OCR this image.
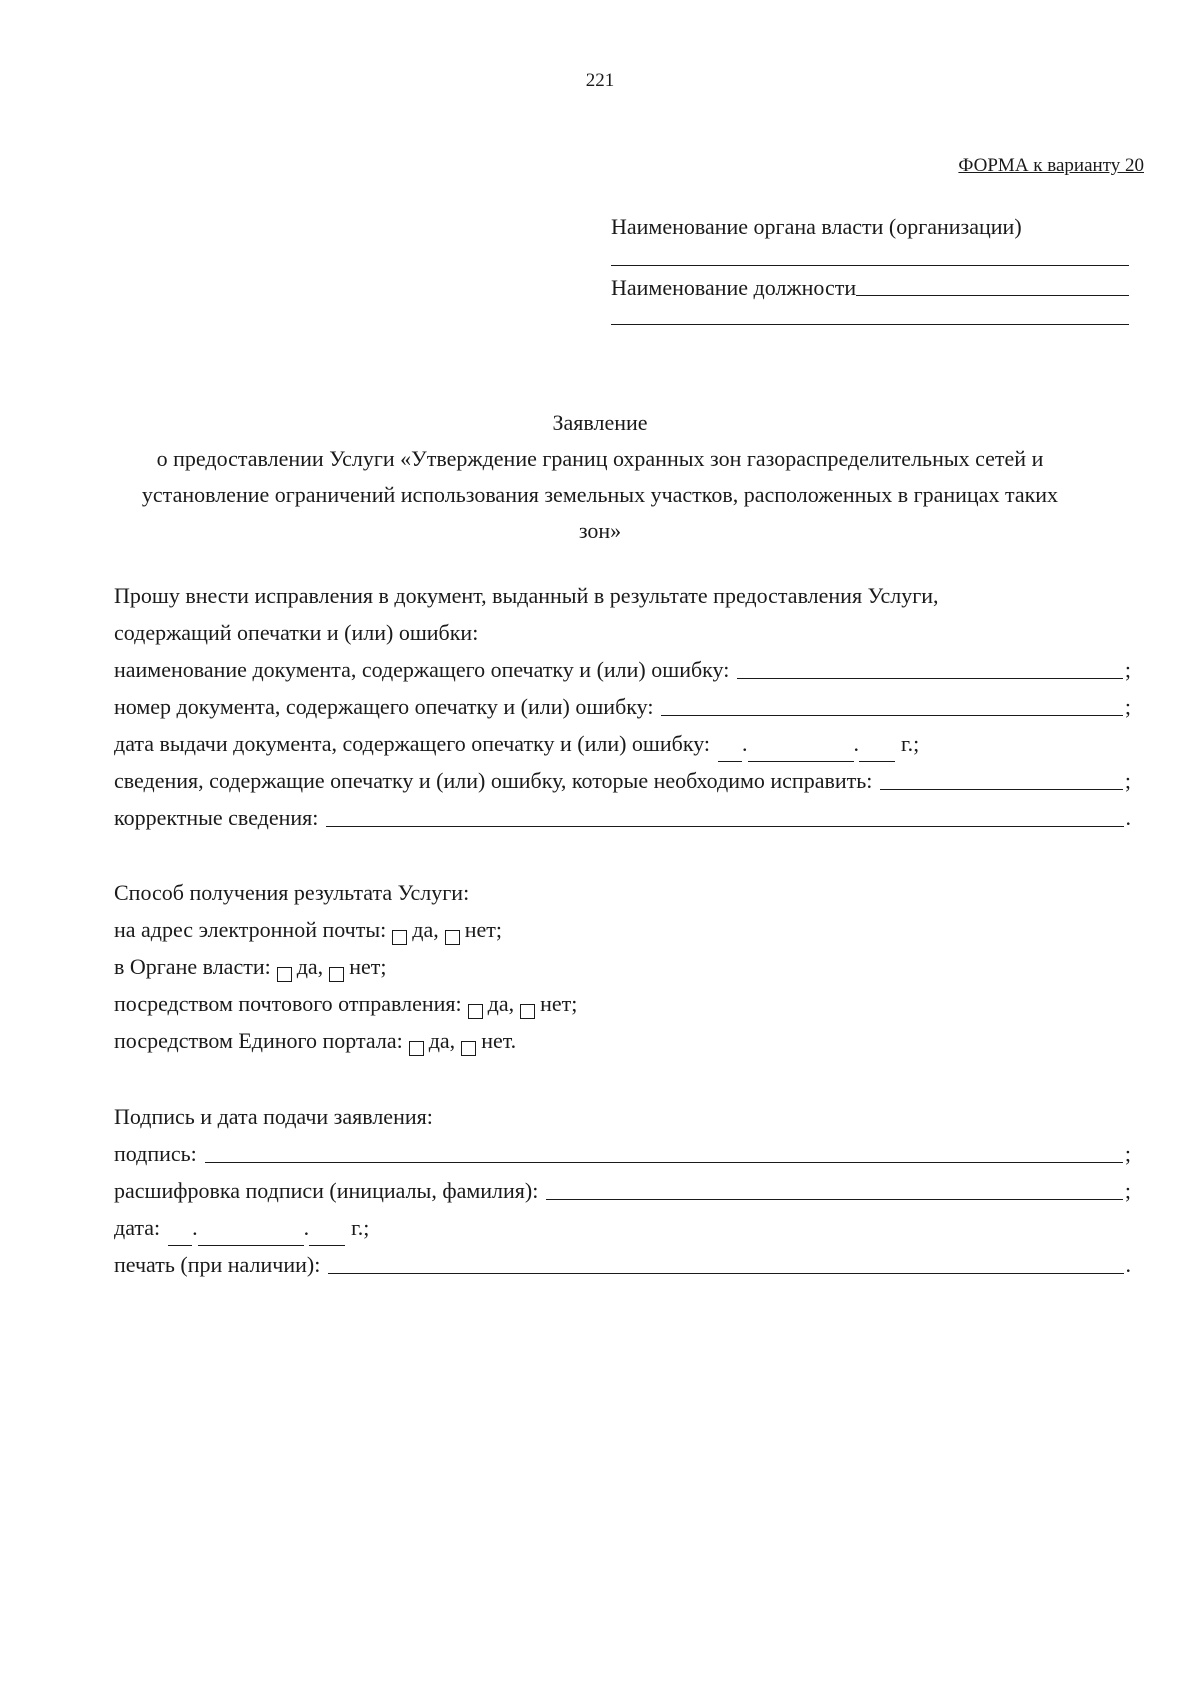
221
ФОРМА к варианту 20
Наименование органа власти (организации)
Наименование должности
Заявление
о предоставлении Услуги «Утверждение границ охранных зон газораспределительных сетей и
установление ограничений использования земельных участков, расположенных в границах таких
зон»
Прошу внести исправления в документ, выданный в результате предоставления Услуги,
содержащий опечатки и (или) ошибки:
наименование документа, содержащего опечатку и (или) ошибку:	;
номер документа, содержащего опечатку и (или) ошибку:	;
дата выдачи документа, содержащего опечатку и (или) ошибку: .	. г.;
сведения, содержащие опечатку и (или) ошибку, которые необходимо исправить:	;
корректные сведения:	.
Способ получения результата Услуги:
на адрес электронной почты: да, нет;
в Органе власти: да, нет;
посредством почтового отправления: да, нет;
посредством Единого портала: да, нет.
Подпись и дата подачи заявления:
подпись:	;
расшифровка подписи (инициалы, фамилия):	;
дата: .	. г.;
печать (при наличии):	.
